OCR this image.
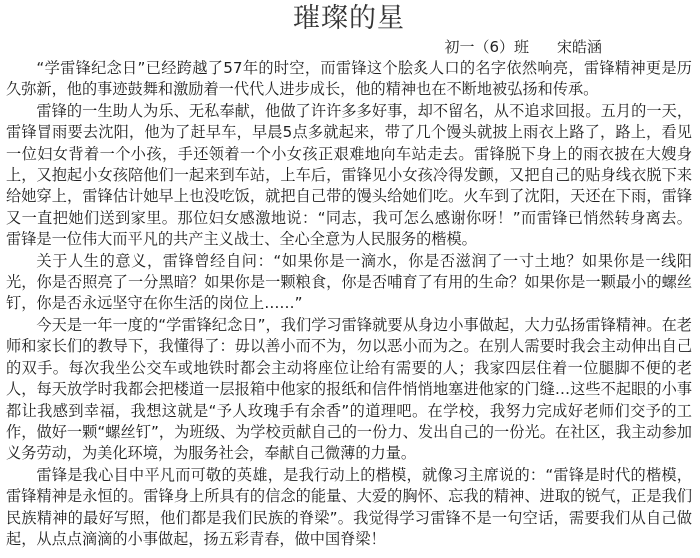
璀璨的星

初一（6）班 宋皓涵

“学雷锋纪念日”已经跨越了57年的时空，而雷锋这个脍炙人口的名字依然响亮，雷锋精神更是历久弥新，他的事迹鼓舞和激励着一代代人进步成长，他的精神也在不断地被弘扬和传承。

雷锋的一生助人为乐、无私奉献，他做了许许多多好事，却不留名，从不追求回报。五月的一天，雷锋冒雨要去沈阳，他为了赶早车，早晨5点多就起来，带了几个馒头就披上雨衣上路了，路上，看见一位妇女背着一个小孩，手还领着一个小女孩正艰难地向车站走去。雷锋脱下身上的雨衣披在大嫂身上，又抱起小女孩陪他们一起来到车站，上车后，雷锋见小女孩冷得发颤，又把自己的贴身线衣脱下来给她穿上，雷锋估计她早上也没吃饭，就把自己带的馒头给她们吃。火车到了沈阳，天还在下雨，雷锋又一直把她们送到家里。那位妇女感激地说：“同志，我可怎么感谢你呀！”而雷锋已悄然转身离去。 雷锋是一位伟大而平凡的共产主义战士、全心全意为人民服务的楷模。

关于人生的意义，雷锋曾经自问：“如果你是一滴水，你是否滋润了一寸土地？如果你是一线阳光，你是否照亮了一分黑暗？如果你是一颗粮食，你是否哺育了有用的生命？如果你是一颗最小的螺丝钉，你是否永远坚守在你生活的岗位上……”

今天是一年一度的“学雷锋纪念日”，我们学习雷锋就要从身边小事做起，大力弘扬雷锋精神。在老师和家长们的教导下，我懂得了：毋以善小而不为，勿以恶小而为之。在别人需要时我会主动伸出自己的双手。每次我坐公交车或地铁时都会主动将座位让给有需要的人；我家四层住着一位腿脚不便的老人，每天放学时我都会把楼道一层报箱中他家的报纸和信件悄悄地塞进他家的门缝…这些不起眼的小事都让我感到幸福，我想这就是“予人玫瑰手有余香”的道理吧。在学校，我努力完成好老师们交予的工作，做好一颗“螺丝钉”，为班级、为学校贡献自己的一份力、发出自己的一份光。在社区，我主动参加义务劳动，为美化环境，为服务社会，奉献自己微薄的力量。

雷锋是我心目中平凡而可敬的英雄，是我行动上的楷模，就像习主席说的：“雷锋是时代的楷模，雷锋精神是永恒的。雷锋身上所具有的信念的能量、大爱的胸怀、忘我的精神、进取的锐气，正是我们民族精神的最好写照，他们都是我们民族的脊梁”。我觉得学习雷锋不是一句空话，需要我们从自己做起，从点点滴滴的小事做起，扬五彩青春，做中国脊梁！
